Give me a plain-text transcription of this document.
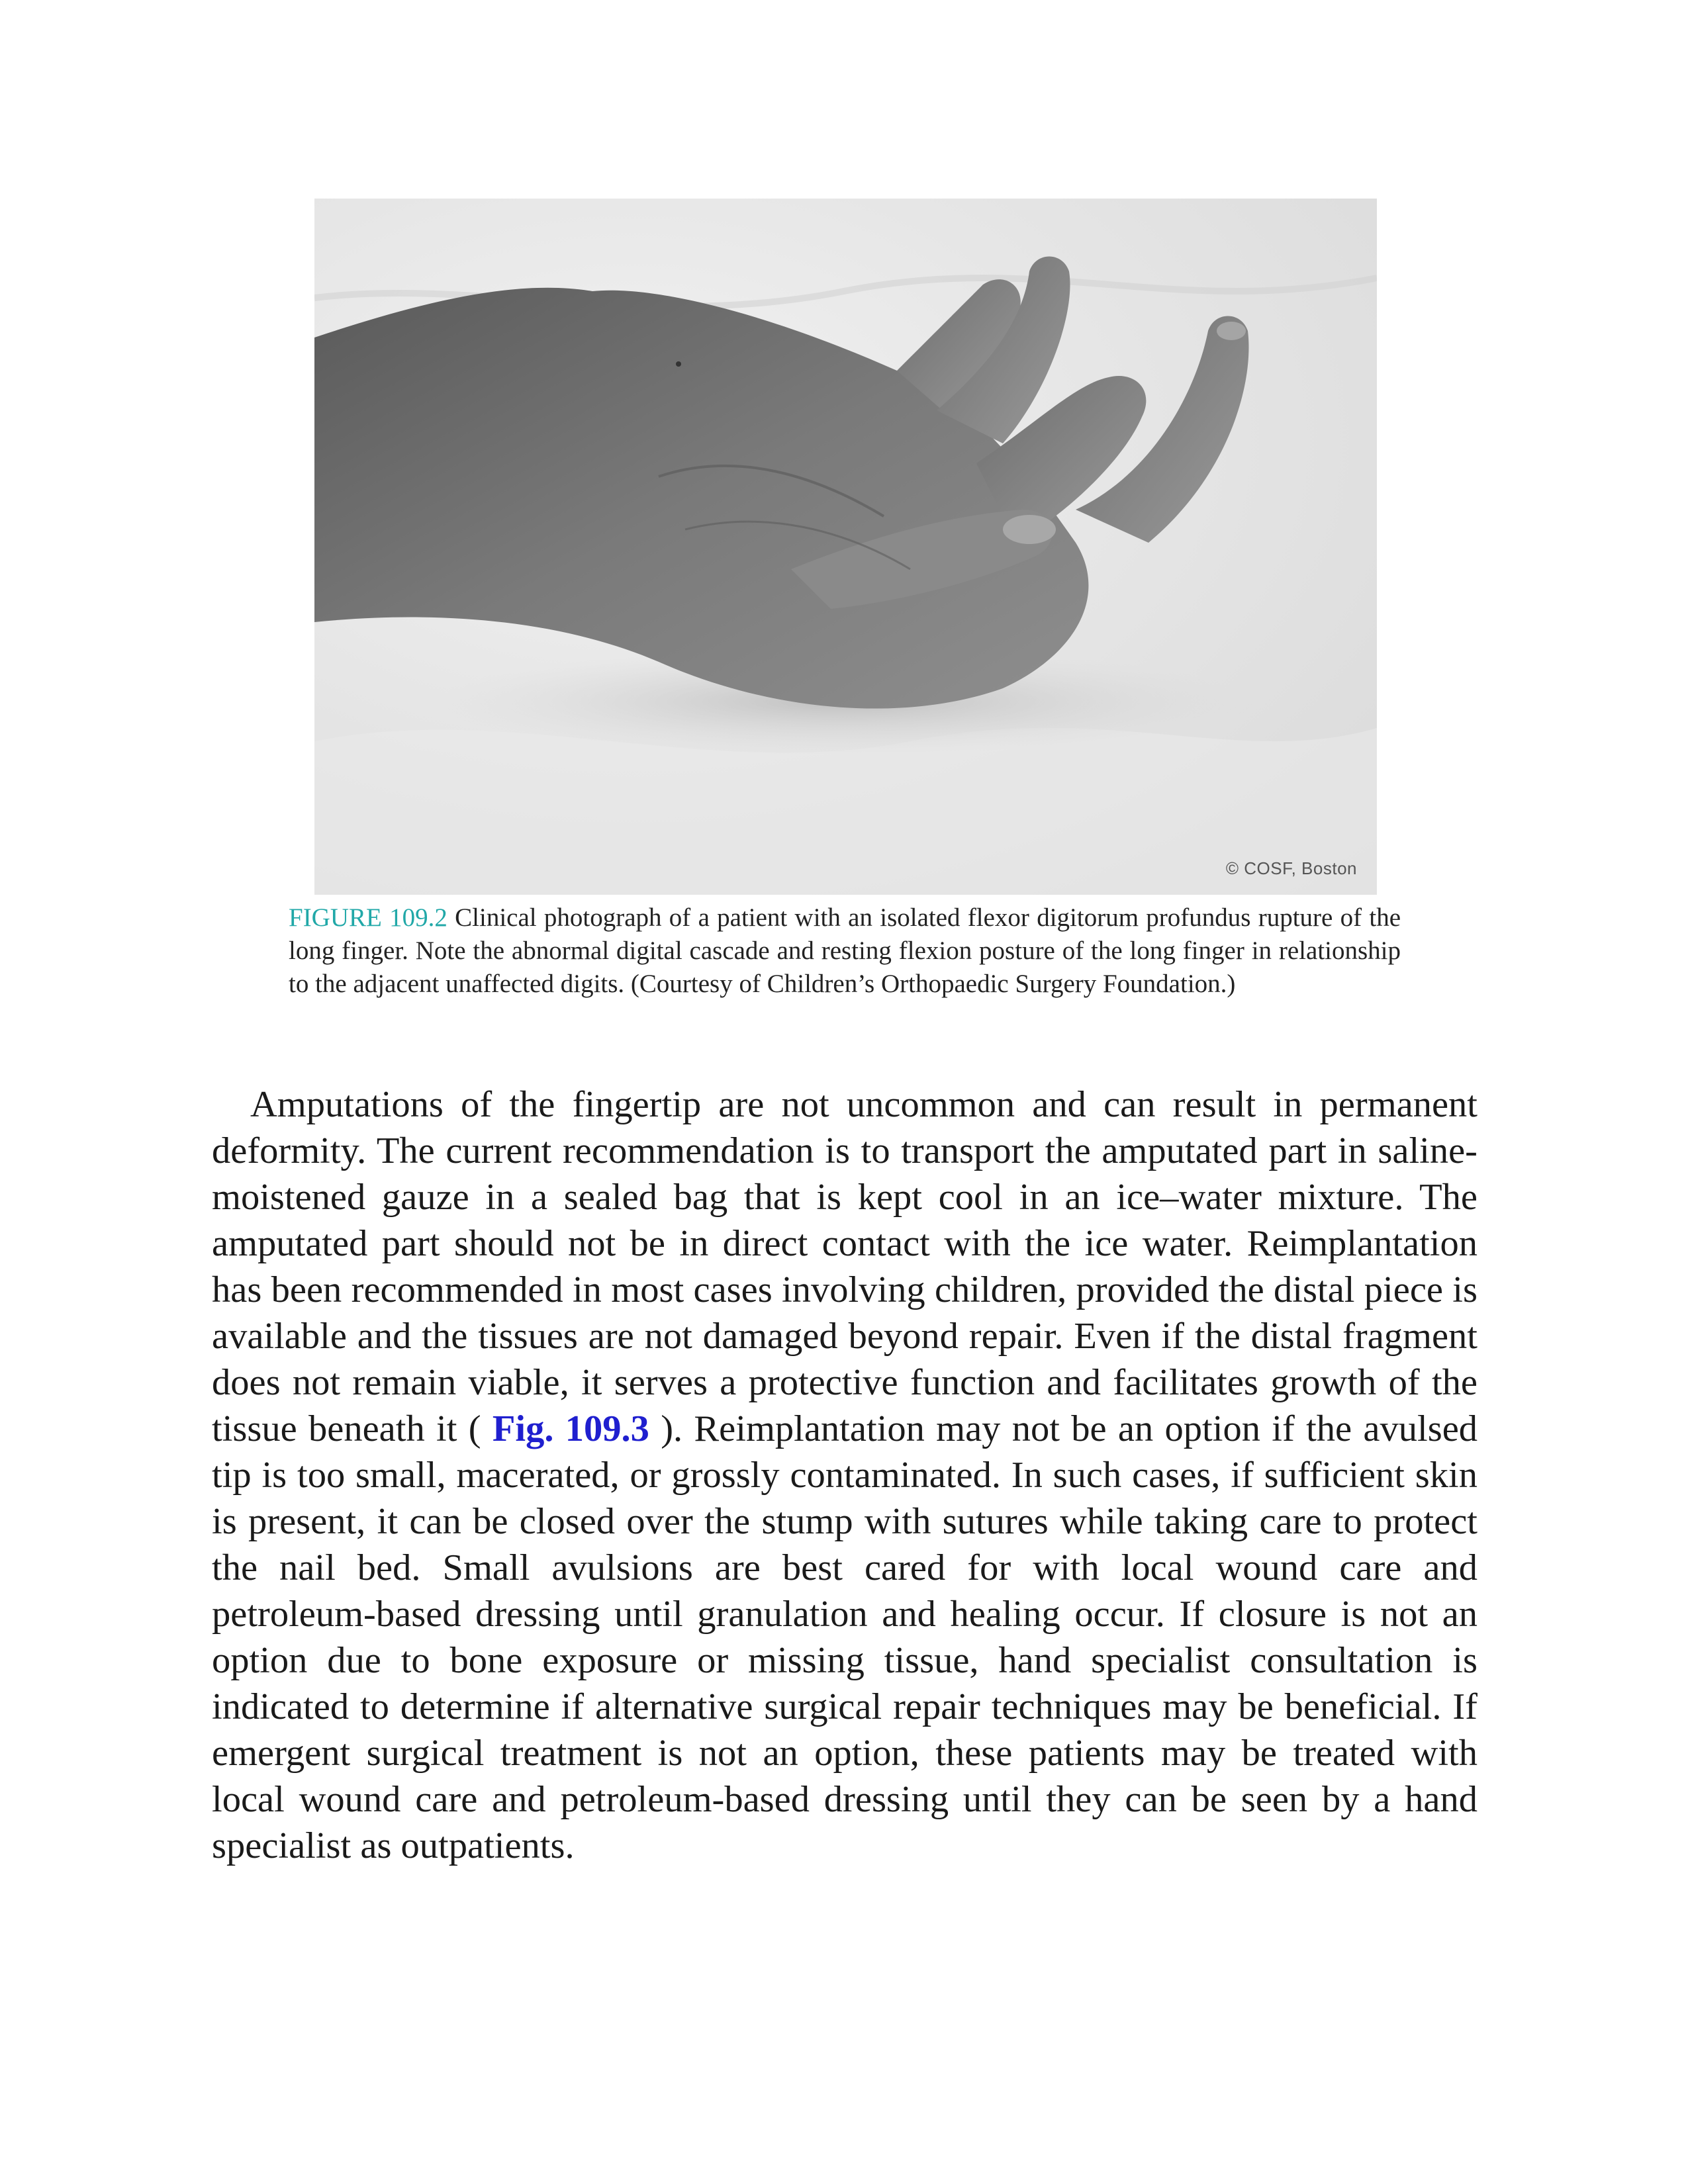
© COSF, Boston
FIGURE 109.2 Clinical photograph of a patient with an isolated flexor digitorum profundus rupture of the long finger. Note the abnormal digital cascade and resting flexion posture of the long finger in relationship to the adjacent unaffected digits. (Courtesy of Children’s Orthopaedic Surgery Foundation.)
Amputations of the fingertip are not uncommon and can result in permanent deformity. The current recommendation is to transport the amputated part in saline-moistened gauze in a sealed bag that is kept cool in an ice–water mixture. The amputated part should not be in direct contact with the ice water. Reimplantation has been recommended in most cases involving children, provided the distal piece is available and the tissues are not damaged beyond repair. Even if the distal fragment does not remain viable, it serves a protective function and facilitates growth of the tissue beneath it ( Fig. 109.3 ). Reimplantation may not be an option if the avulsed tip is too small, macerated, or grossly contaminated. In such cases, if sufficient skin is present, it can be closed over the stump with sutures while taking care to protect the nail bed. Small avulsions are best cared for with local wound care and petroleum-based dressing until granulation and healing occur. If closure is not an option due to bone exposure or missing tissue, hand specialist consultation is indicated to determine if alternative surgical repair techniques may be beneficial. If emergent surgical treatment is not an option, these patients may be treated with local wound care and petroleum-based dressing until they can be seen by a hand specialist as outpatients.
